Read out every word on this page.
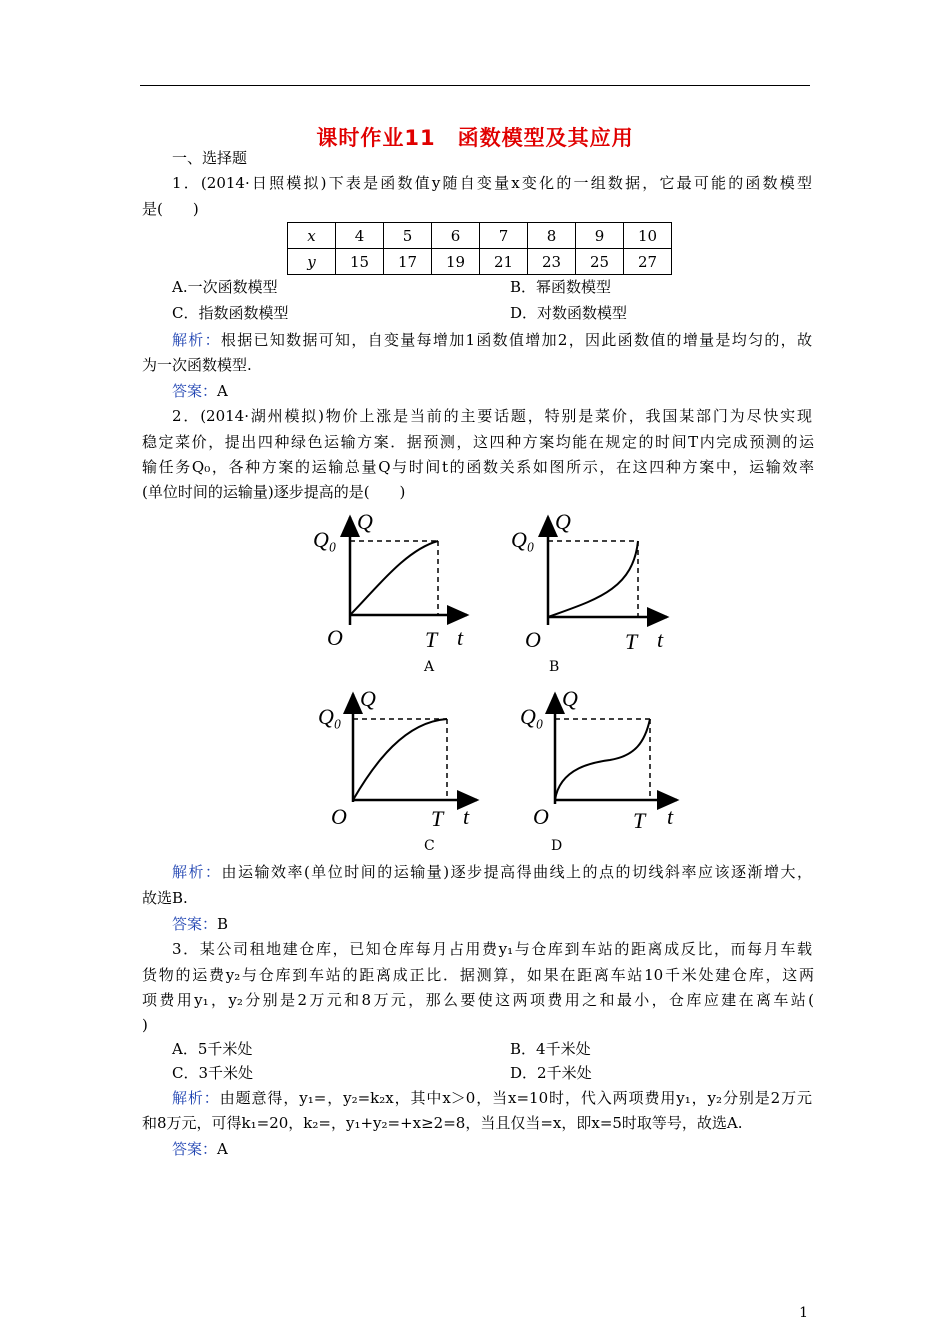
课时作业11　函数模型及其应用
一、选择题
1．(2014·日照模拟)下表是函数值y随自变量x变化的一组数据，它最可能的函数模型
是(　　)
x	4	5	6	7	8	9	10
y	15	17	19	21	23	25	27
A.一次函数模型	B．幂函数模型
C．指数函数模型	D．对数函数模型
解析：根据已知数据可知，自变量每增加1函数值增加2，因此函数值的增量是均匀的，故
为一次函数模型.
答案：A
2．(2014·湖州模拟)物价上涨是当前的主要话题，特别是菜价，我国某部门为尽快实现
稳定菜价，提出四种绿色运输方案．据预测，这四种方案均能在规定的时间T内完成预测的运
输任务Q₀，各种方案的运输总量Q与时间t的函数关系如图所示，在这四种方案中，运输效率
(单位时间的运输量)逐步提高的是(　　)
Q₀
Q
O	T t
A
Q₀
Q
O	T t
B
Q₀
Q
O	T t
C
Q₀
Q
O	T t
D
解析：由运输效率(单位时间的运输量)逐步提高得曲线上的点的切线斜率应该逐渐增大，
故选B.
答案：B
3．某公司租地建仓库，已知仓库每月占用费y₁与仓库到车站的距离成反比，而每月车载
货物的运费y₂与仓库到车站的距离成正比．据测算，如果在距离车站10千米处建仓库，这两
项费用y₁，y₂分别是2万元和8万元，那么要使这两项费用之和最小，仓库应建在离车站(
)
A．5千米处	B．4千米处
C．3千米处	D．2千米处
解析：由题意得，y₁=，y₂=k₂x，其中x＞0，当x=10时，代入两项费用y₁，y₂分别是2万元
和8万元，可得k₁=20，k₂=，y₁+y₂=+x≥2=8，当且仅当=x，即x=5时取等号，故选A.
答案：A
1
